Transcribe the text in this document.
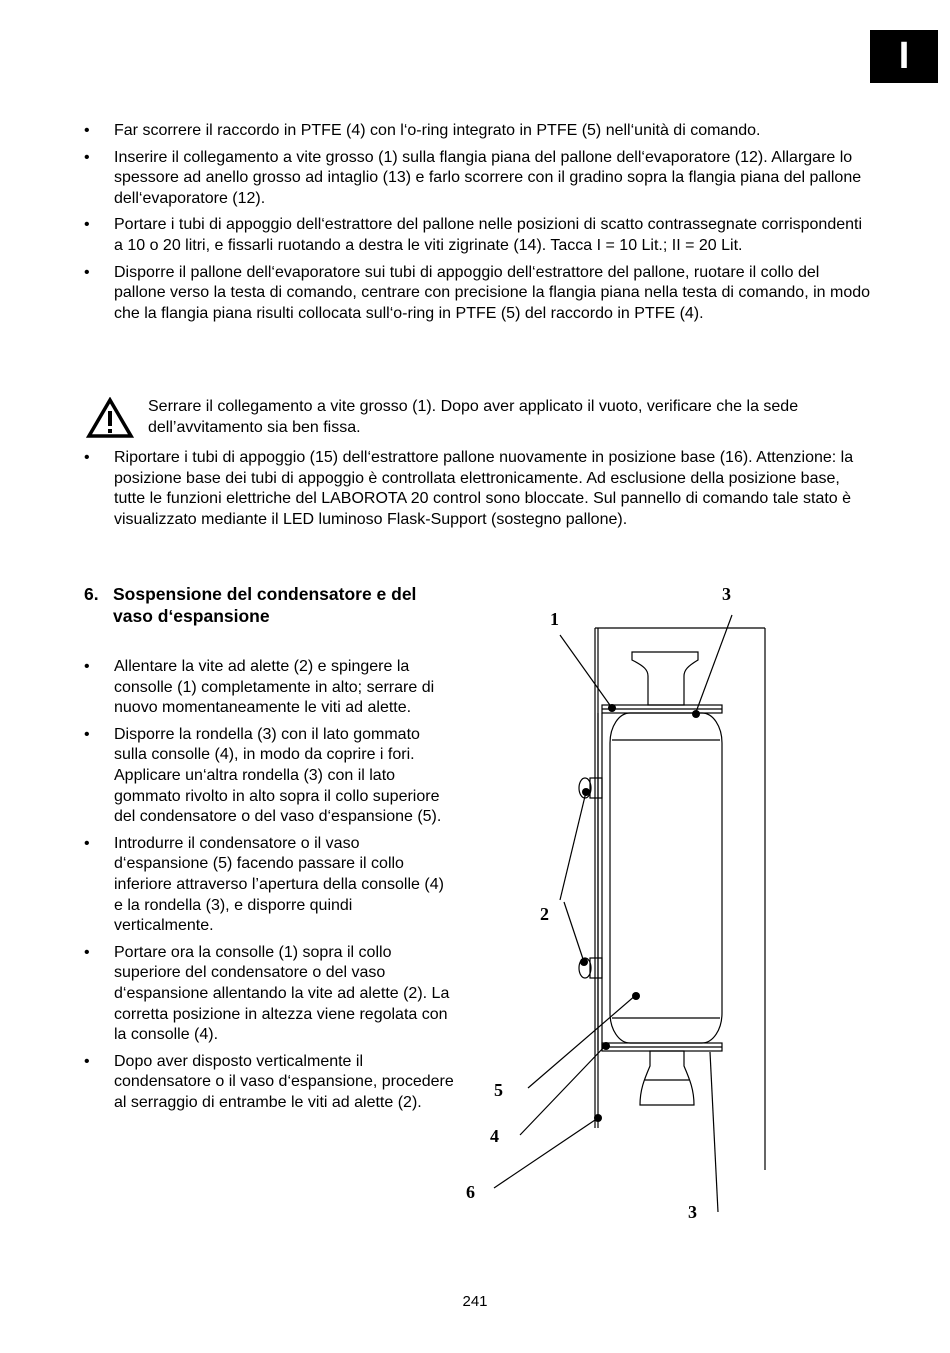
I
• Far scorrere il raccordo in PTFE (4) con l‘o-ring integrato in PTFE (5) nell‘unità di comando.
• Inserire il collegamento a vite grosso (1) sulla flangia piana del pallone dell‘evaporatore (12). Allargare lo spessore ad anello grosso ad intaglio (13) e farlo scorrere con il gradino sopra la flangia piana del pallone dell‘evaporatore (12).
• Portare i tubi di appoggio dell‘estrattore del pallone nelle posizioni di scatto contrassegnate corrispondenti a 10 o 20 litri, e fissarli ruotando a destra le viti zigrinate (14). Tacca I = 10 Lit.; II = 20 Lit.
• Disporre il pallone dell‘evaporatore sui tubi di appoggio dell‘estrattore del pallone, ruotare il collo del pallone verso la testa di comando, centrare con precisione la flangia piana nella testa di comando, in modo che la flangia piana risulti collocata sull‘o-ring in PTFE (5) del raccordo in PTFE (4).
Serrare il collegamento a vite grosso (1). Dopo aver applicato il vuoto, verificare che la sede dell’avvitamento sia ben fissa.
• Riportare i tubi di appoggio (15) dell‘estrattore pallone nuovamente in posizione base (16). Attenzione: la posizione base dei tubi di appoggio è controllata elettronicamente. Ad esclusione della posizione base, tutte le funzioni elettriche del LABOROTA 20 control sono bloccate. Sul pannello di comando tale stato è visualizzato mediante il LED luminoso Flask-Support (sostegno pallone).
6. Sospensione del condensatore e del vaso d‘espansione
• Allentare la vite ad alette (2) e spingere la consolle (1) completamente in alto; serrare di nuovo momentaneamente le viti ad alette.
• Disporre la rondella (3) con il lato gommato sulla consolle (4), in modo da coprire i fori. Applicare un‘altra rondella (3) con il lato gommato rivolto in alto sopra il collo superiore del condensatore o del vaso d‘espansione (5).
• Introdurre il condensatore o il vaso d‘espansione (5) facendo passare il collo inferiore attraverso l’apertura della consolle (4) e la rondella (3), e disporre quindi verticalmente.
• Portare ora la consolle (1) sopra il collo superiore del condensatore o del vaso d‘espansione allentando la vite ad alette (2). La corretta posizione in altezza viene regolata con la consolle (4).
• Dopo aver disposto verticalmente il condensatore o il vaso d‘espansione, procedere al serraggio di entrambe le viti ad alette (2).
1
3
2
5
4
6
3
241
